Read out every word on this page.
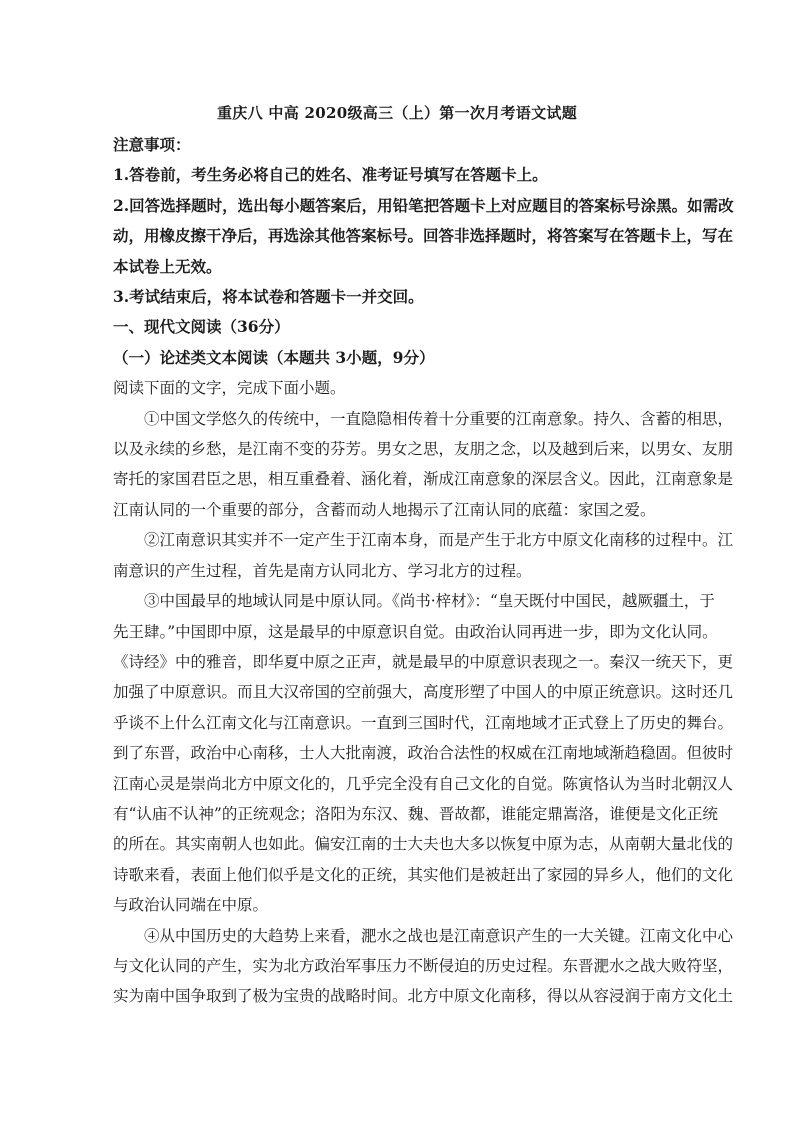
重庆八 中高 2020级高三（上）第一次月考语文试题
注意事项：
1.答卷前，考生务必将自己的姓名、准考证号填写在答题卡上。
2.回答选择题时，选出每小题答案后，用铅笔把答题卡上对应题目的答案标号涂黑。如需改
动，用橡皮擦干净后，再选涂其他答案标号。回答非选择题时，将答案写在答题卡上，写在
本试卷上无效。
3.考试结束后，将本试卷和答题卡一并交回。
一、现代文阅读（36分）
（一）论述类文本阅读（本题共 3小题，9分）
阅读下面的文字，完成下面小题。
①中国文学悠久的传统中，一直隐隐相传着十分重要的江南意象。持久、含蓄的相思，
以及永续的乡愁，是江南不变的芬芳。男女之思，友朋之念，以及越到后来，以男女、友朋
寄托的家国君臣之思，相互重叠着、涵化着，渐成江南意象的深层含义。因此，江南意象是
江南认同的一个重要的部分，含蓄而动人地揭示了江南认同的底蕴：家国之爱。
②江南意识其实并不一定产生于江南本身，而是产生于北方中原文化南移的过程中。江
南意识的产生过程，首先是南方认同北方、学习北方的过程。
③中国最早的地域认同是中原认同。《尚书·梓材》：“皇天既付中国民，越厥疆土，于
先王肆。”中国即中原，这是最早的中原意识自觉。由政治认同再进一步，即为文化认同。
《诗经》中的雅音，即华夏中原之正声，就是最早的中原意识表现之一。秦汉一统天下，更
加强了中原意识。而且大汉帝国的空前强大，高度形塑了中国人的中原正统意识。这时还几
乎谈不上什么江南文化与江南意识。一直到三国时代，江南地域才正式登上了历史的舞台。
到了东晋，政治中心南移，士人大批南渡，政治合法性的权威在江南地域渐趋稳固。但彼时
江南心灵是崇尚北方中原文化的，几乎完全没有自己文化的自觉。陈寅恪认为当时北朝汉人
有“认庙不认神”的正统观念；洛阳为东汉、魏、晋故都，谁能定鼎嵩洛，谁便是文化正统
的所在。其实南朝人也如此。偏安江南的士大夫也大多以恢复中原为志，从南朝大量北伐的
诗歌来看，表面上他们似乎是文化的正统，其实他们是被赶出了家园的异乡人，他们的文化
与政治认同端在中原。
④从中国历史的大趋势上来看，淝水之战也是江南意识产生的一大关键。江南文化中心
与文化认同的产生，实为北方政治军事压力不断侵迫的历史过程。东晋淝水之战大败符坚，
实为南中国争取到了极为宝贵的战略时间。北方中原文化南移，得以从容浸润于南方文化土
